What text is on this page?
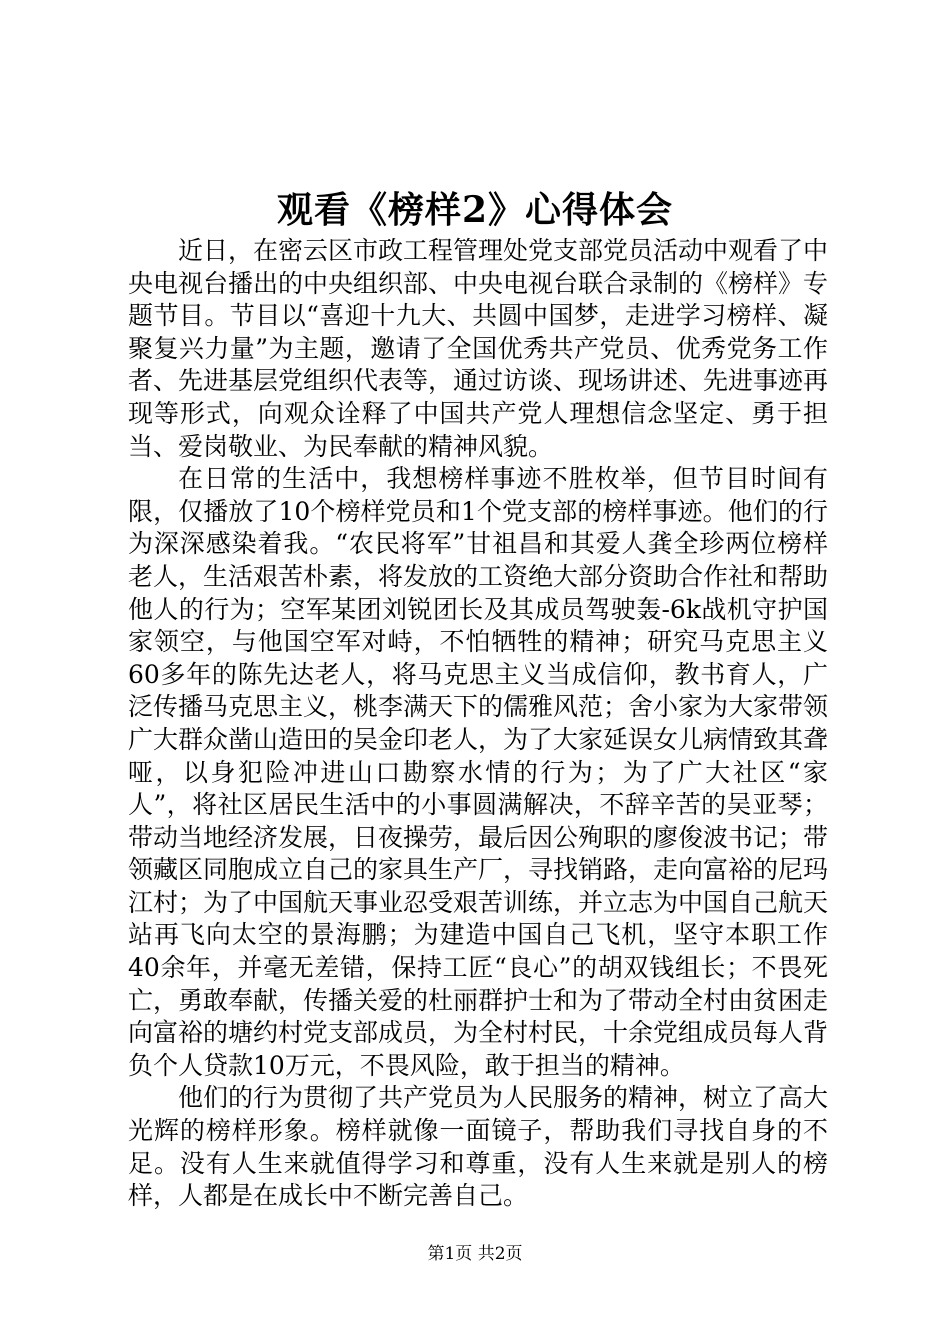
观看《榜样2》心得体会

近日，在密云区市政工程管理处党支部党员活动中观看了中央电视台播出的中央组织部、中央电视台联合录制的《榜样》专题节目。节目以“喜迎十九大、共圆中国梦，走进学习榜样、凝聚复兴力量”为主题，邀请了全国优秀共产党员、优秀党务工作者、先进基层党组织代表等，通过访谈、现场讲述、先进事迹再现等形式，向观众诠释了中国共产党人理想信念坚定、勇于担当、爱岗敬业、为民奉献的精神风貌。

在日常的生活中，我想榜样事迹不胜枚举，但节目时间有限，仅播放了10个榜样党员和1个党支部的榜样事迹。他们的行为深深感染着我。“农民将军”甘祖昌和其爱人龚全珍两位榜样老人，生活艰苦朴素，将发放的工资绝大部分资助合作社和帮助他人的行为；空军某团刘锐团长及其成员驾驶轰-6k战机守护国家领空，与他国空军对峙，不怕牺牲的精神；研究马克思主义60多年的陈先达老人，将马克思主义当成信仰，教书育人，广泛传播马克思主义，桃李满天下的儒雅风范；舍小家为大家带领广大群众凿山造田的吴金印老人，为了大家延误女儿病情致其聋哑，以身犯险冲进山口勘察水情的行为；为了广大社区“家人”，将社区居民生活中的小事圆满解决，不辞辛苦的吴亚琴；带动当地经济发展，日夜操劳，最后因公殉职的廖俊波书记；带领藏区同胞成立自己的家具生产厂，寻找销路，走向富裕的尼玛江村；为了中国航天事业忍受艰苦训练，并立志为中国自己航天站再飞向太空的景海鹏；为建造中国自己飞机，坚守本职工作40余年，并毫无差错，保持工匠“良心”的胡双钱组长；不畏死亡，勇敢奉献，传播关爱的杜丽群护士和为了带动全村由贫困走向富裕的塘约村党支部成员，为全村村民，十余党组成员每人背负个人贷款10万元，不畏风险，敢于担当的精神。

他们的行为贯彻了共产党员为人民服务的精神，树立了高大光辉的榜样形象。榜样就像一面镜子，帮助我们寻找自身的不足。没有人生来就值得学习和尊重，没有人生来就是别人的榜样，人都是在成长中不断完善自己。

第1页 共2页
